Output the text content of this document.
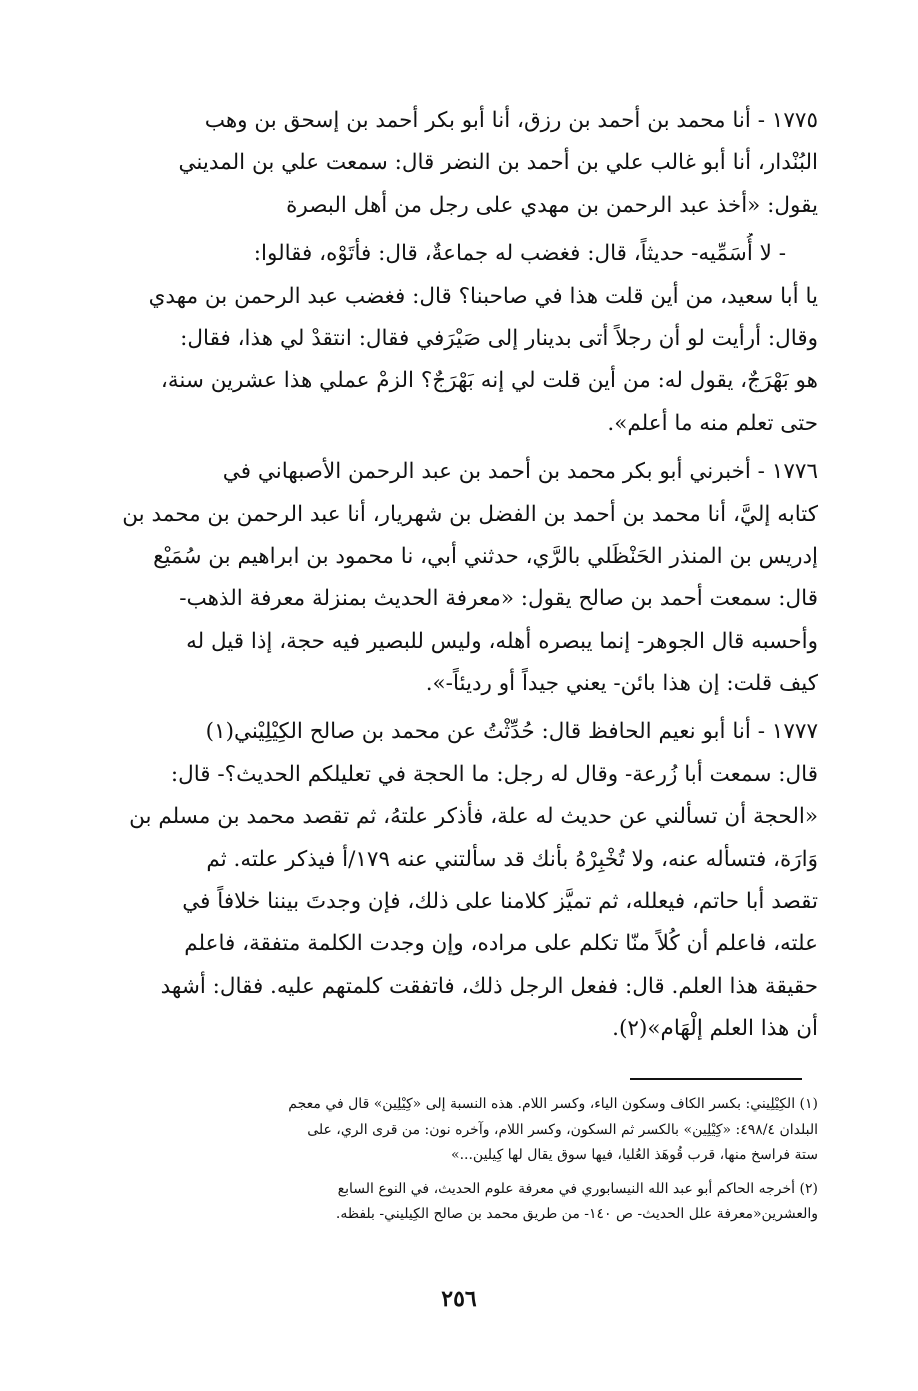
١٧٧٥ - أنا محمد بن أحمد بن رزق، أنا أبو بكر أحمد بن إسحق بن وهب
البُنْدار، أنا أبو غالب علي بن أحمد بن النضر قال: سمعت علي بن المديني
يقول: «أخذ عبد الرحمن بن مهدي على رجل من أهل البصرة
- لا أُسَمِّيه- حديثاً، قال: فغضب له جماعةٌ، قال: فأتَوْه، فقالوا:
يا أبا سعيد، من أين قلت هذا في صاحبنا؟ قال: فغضب عبد الرحمن بن مهدي
وقال: أرأيت لو أن رجلاً أتى بدينار إلى صَيْرَفي فقال: انتقدْ لي هذا، فقال:
هو بَهْرَجٌ، يقول له: من أين قلت لي إنه بَهْرَجٌ؟ الزمْ عملي هذا عشرين سنة،
حتى تعلم منه ما أعلم».
١٧٧٦ - أخبرني أبو بكر محمد بن أحمد بن عبد الرحمن الأصبهاني في
كتابه إليَّ، أنا محمد بن أحمد بن الفضل بن شهريار، أنا عبد الرحمن بن محمد بن
إدريس بن المنذر الحَنْظَلي بالرَّي، حدثني أبي، نا محمود بن ابراهيم بن سُمَيْع
قال: سمعت أحمد بن صالح يقول: «معرفة الحديث بمنزلة معرفة الذهب-
وأحسبه قال الجوهر- إنما يبصره أهله، وليس للبصير فيه حجة، إذا قيل له
كيف قلت: إن هذا بائن- يعني جيداً أو رديئاً-».
١٧٧٧ - أنا أبو نعيم الحافظ قال: حُدِّثْتُ عن محمد بن صالح الكِيْلِيْني(١)
قال: سمعت أبا زُرعة- وقال له رجل: ما الحجة في تعليلكم الحديث؟- قال:
«الحجة أن تسألني عن حديث له علة، فأذكر علتهُ، ثم تقصد محمد بن مسلم بن
وَارَة، فتسأله عنه، ولا تُخْبِرْهُ بأنك قد سألتني عنه ١٧٩/أ فيذكر علته. ثم
تقصد أبا حاتم، فيعلله، ثم تميَّز كلامنا على ذلك، فإن وجدتَ بيننا خلافاً في
علته، فاعلم أن كُلاً منّا تكلم على مراده، وإن وجدت الكلمة متفقة، فاعلم
حقيقة هذا العلم. قال: ففعل الرجل ذلك، فاتفقت كلمتهم عليه. فقال: أشهد
أن هذا العلم إلْهَام»(٢).
(١) الكِيْلِيني: بكسر الكاف وسكون الياء، وكسر اللام. هذه النسبة إلى «كِيْلِين» قال في معجم
البلدان ٤٩٨/٤: «كِيْلِين» بالكسر ثم السكون، وكسر اللام، وآخره نون: من قرى الري، على
ستة فراسخ منها، قرب قُوهَذ العُليا، فيها سوق يقال لها كِيلين...»
(٢) أخرجه الحاكم أبو عبد الله النيسابوري في معرفة علوم الحديث، في النوع السابع
والعشرين«معرفة علل الحديث- ص ١٤٠- من طريق محمد بن صالح الكِيليني- بلفظه.
٢٥٦
